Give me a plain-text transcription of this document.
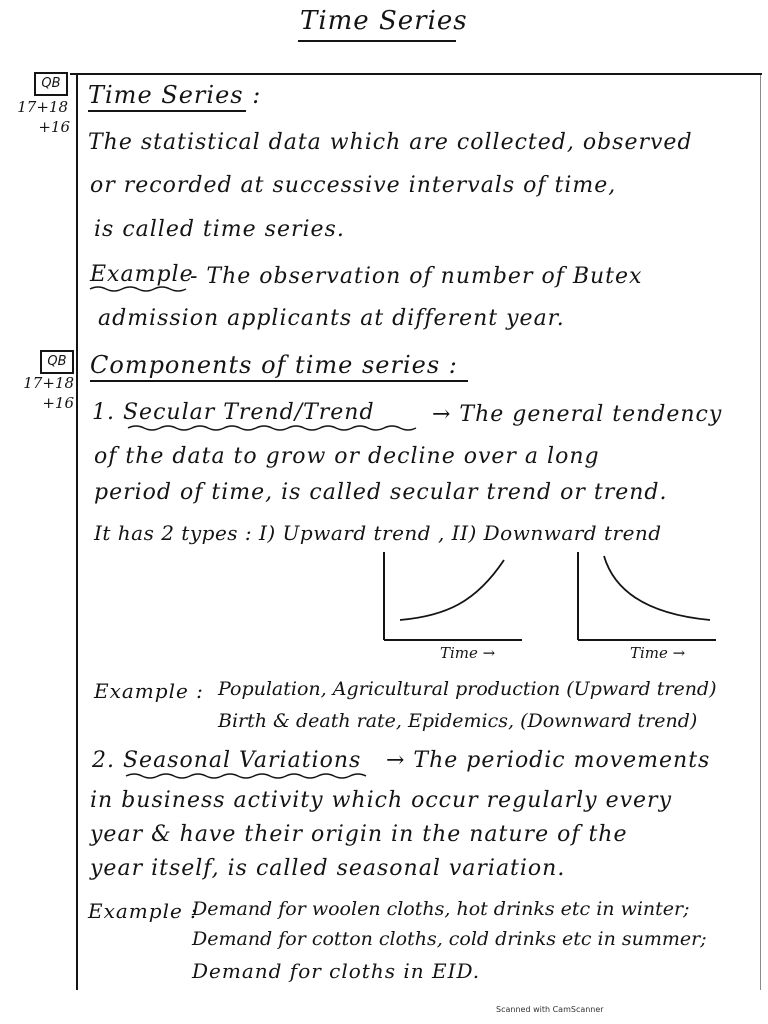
Time Series
QB
17+18
+16
Time Series :
The statistical data which are collected, observed
or recorded at successive intervals of time,
is called time series.
Example
- The observation of number of Butex
admission applicants at different year.
QB
17+18
+16
Components of time series :
1. Secular Trend/Trend	→ The general tendency
of the data to grow or decline over a long
period of time, is called secular trend or trend.
It has 2 types : I) Upward trend , II) Downward trend
Time →	Time →
Example : Population, Agricultural production (Upward trend)
Birth & death rate, Epidemics, (Downward trend)
2. Seasonal Variations → The periodic movements
in business activity which occur regularly every
year & have their origin in the nature of the
year itself, is called seasonal variation.
Example :
Demand for woolen cloths, hot drinks etc in winter;
Demand for cotton cloths, cold drinks etc in summer;
Demand for cloths in EID.
Scanned with CamScanner
